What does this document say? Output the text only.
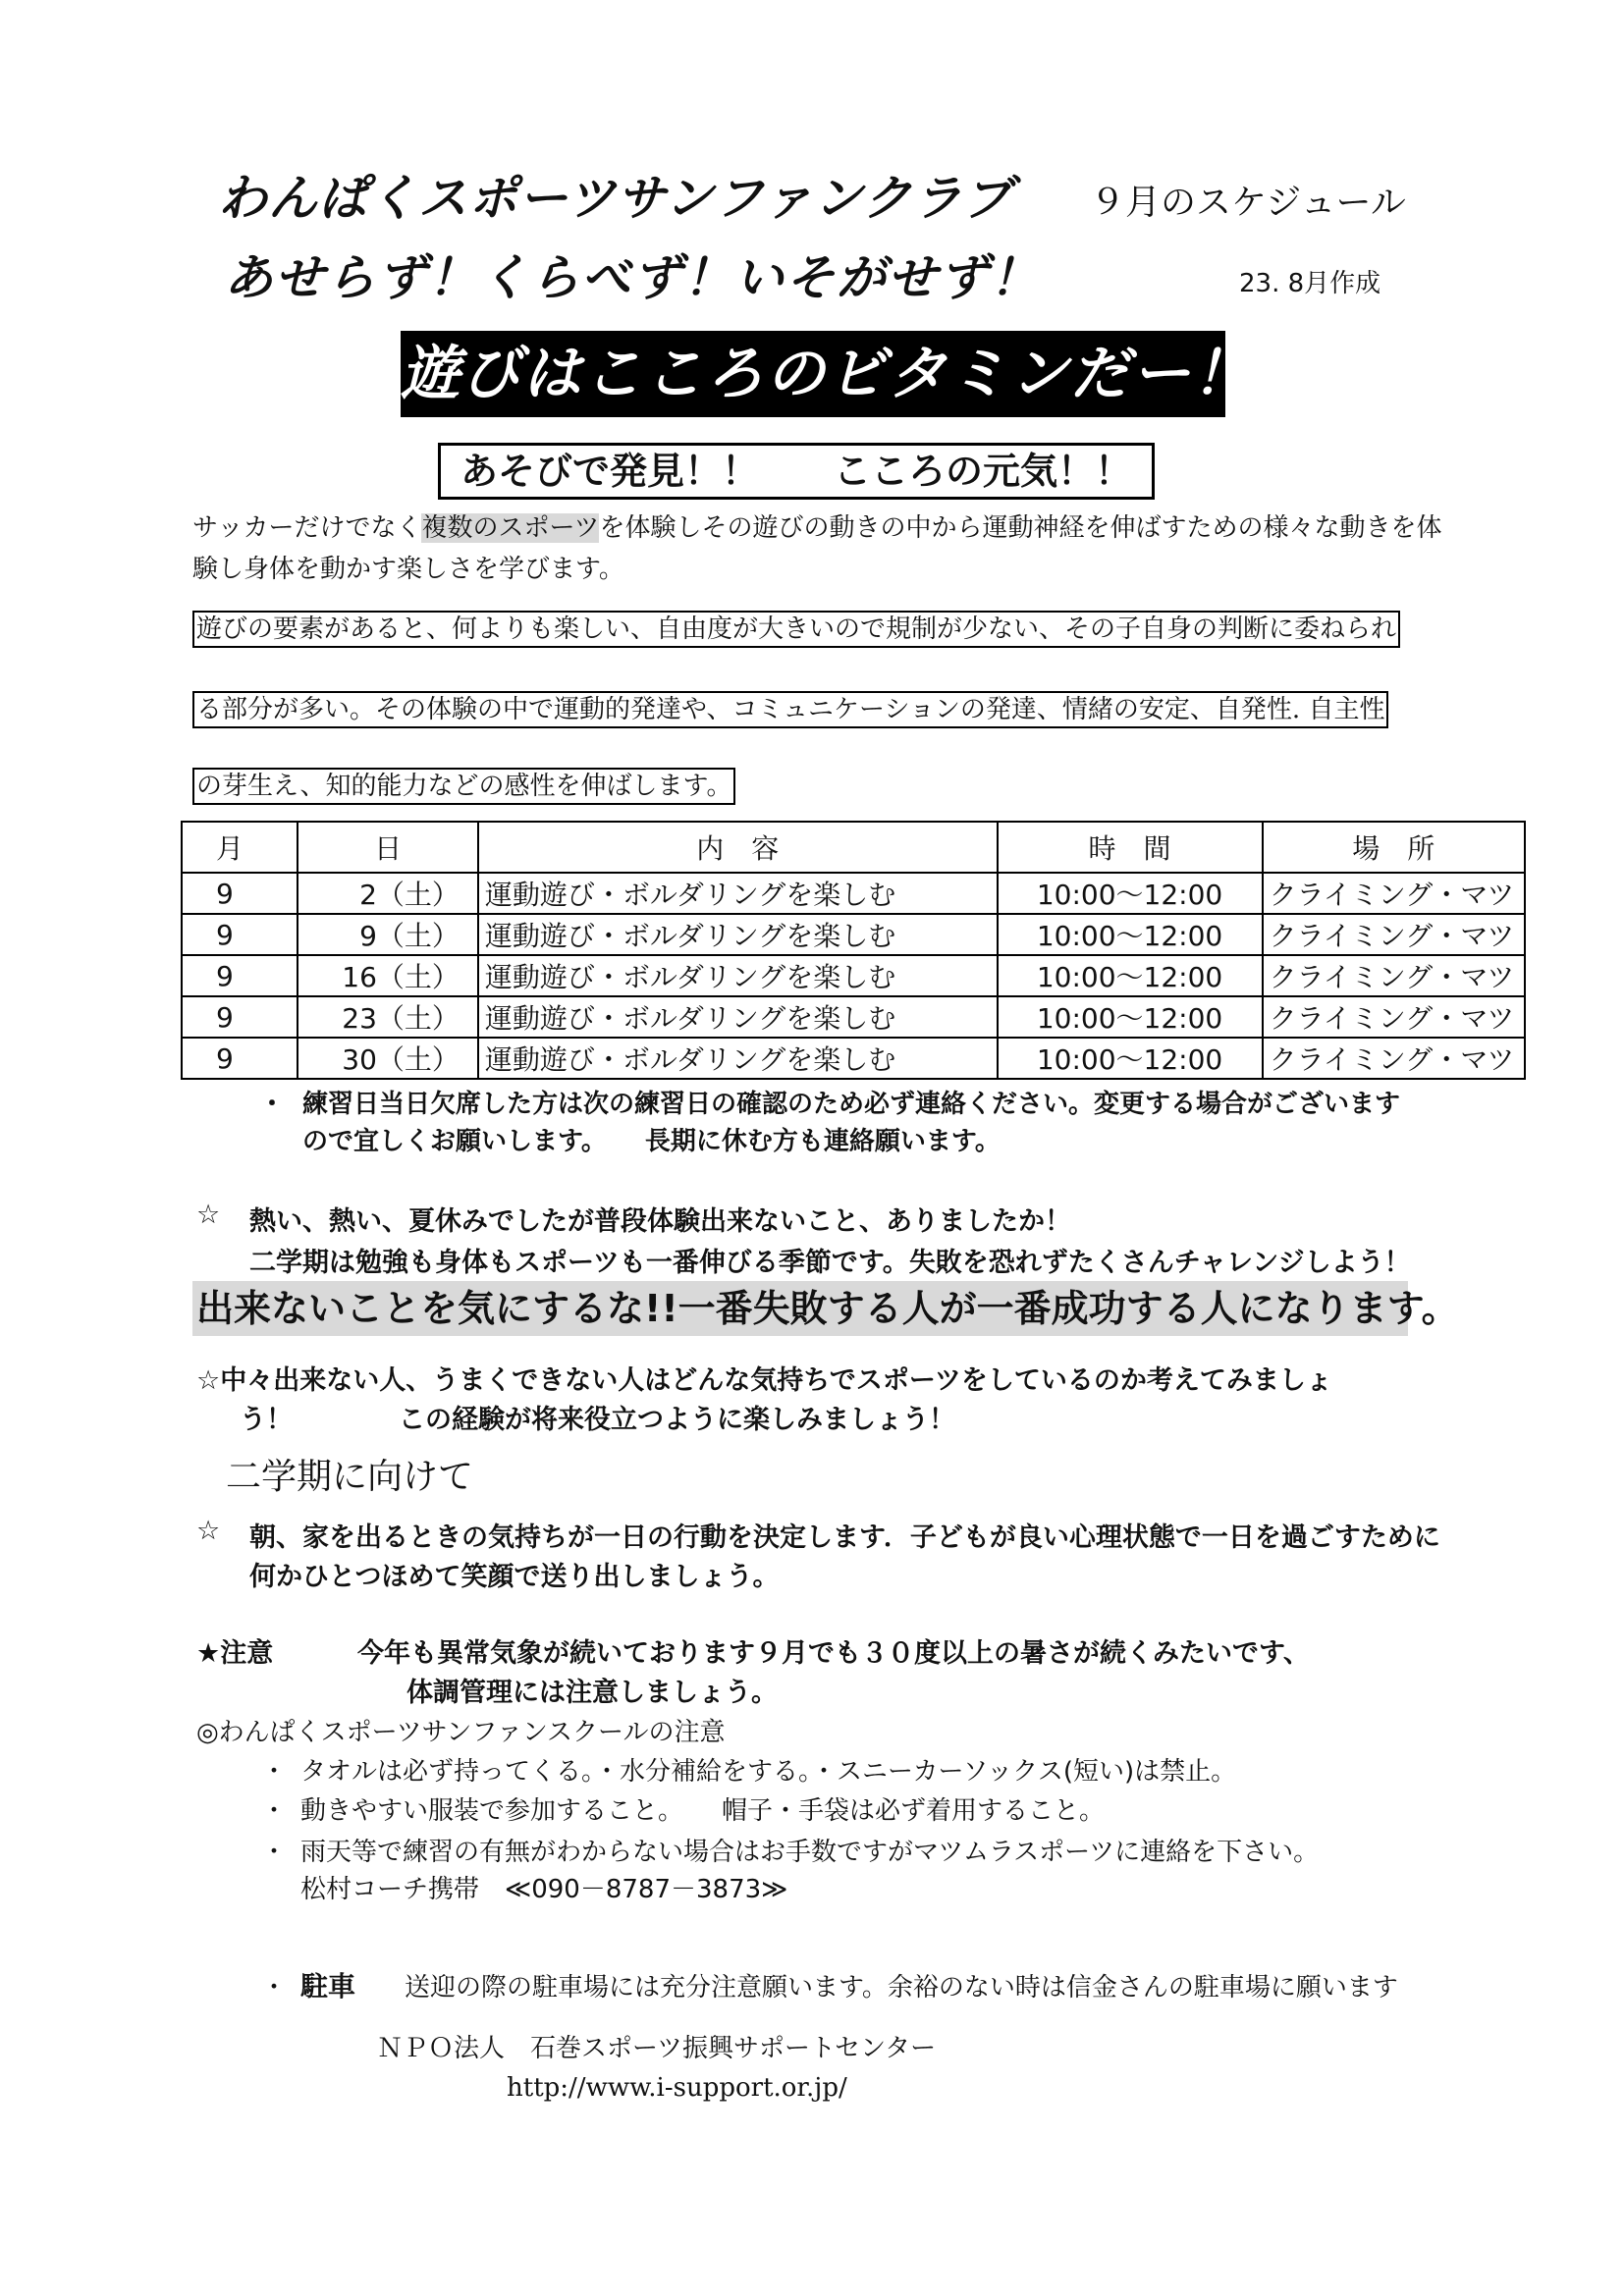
わんぱくスポーツサンファンクラブ ９月のスケジュール
あせらず！くらべず！いそがせず！	23. 8月作成
遊びはこころのビタミンだー！
あそびで発見！！　　こころの元気！！
サッカーだけでなく複数のスポーツを体験しその遊びの動きの中から運動神経を伸ばすための様々な動きを体験し身体を動かす楽しさを学びます。
遊びの要素があると、何よりも楽しい、自由度が大きいので規制が少ない、その子自身の判断に委ねられ
る部分が多い。その体験の中で運動的発達や、コミュニケーションの発達、情緒の安定、自発性. 自主性
の芽生え、知的能力などの感性を伸ばします。
月	日	内　容	時　間	場　所
9	2（土）	運動遊び・ボルダリングを楽しむ	10:00～12:00	クライミング・マツ
9	9（土）	運動遊び・ボルダリングを楽しむ	10:00～12:00	クライミング・マツ
9	16（土）	運動遊び・ボルダリングを楽しむ	10:00～12:00	クライミング・マツ
9	23（土）	運動遊び・ボルダリングを楽しむ	10:00～12:00	クライミング・マツ
9	30（土）	運動遊び・ボルダリングを楽しむ	10:00～12:00	クライミング・マツ
・ 練習日当日欠席した方は次の練習日の確認のため必ず連絡ください。変更する場合がございます
ので宜しくお願いします。　　長期に休む方も連絡願います。
☆ 熱い、熱い、夏休みでしたが普段体験出来ないこと、ありましたか！
二学期は勉強も身体もスポーツも一番伸びる季節です。失敗を恐れずたくさんチャレンジしよう！
出来ないことを気にするな!!一番失敗する人が一番成功する人になります。
☆中々出来ない人、うまくできない人はどんな気持ちでスポーツをしているのか考えてみましょ
う！　　　　この経験が将来役立つように楽しみましょう！
二学期に向けて
☆ 朝、家を出るときの気持ちが一日の行動を決定します．子どもが良い心理状態で一日を過ごすために
何かひとつほめて笑顔で送り出しましょう。
★注意	今年も異常気象が続いております９月でも３０度以上の暑さが続くみたいです、
体調管理には注意しましょう。
◎わんぱくスポーツサンファンスクールの注意
・ タオルは必ず持ってくる。・水分補給をする。・スニーカーソックス(短い)は禁止。
・ 動きやすい服装で参加すること。　　帽子・手袋は必ず着用すること。
・ 雨天等で練習の有無がわからない場合はお手数ですがマツムラスポーツに連絡を下さい。
松村コーチ携帯　≪090－8787－3873≫
・ 駐車 送迎の際の駐車場には充分注意願います。余裕のない時は信金さんの駐車場に願います
ＮＰＯ法人　石巻スポーツ振興サポートセンター
http://www.i-support.or.jp/
